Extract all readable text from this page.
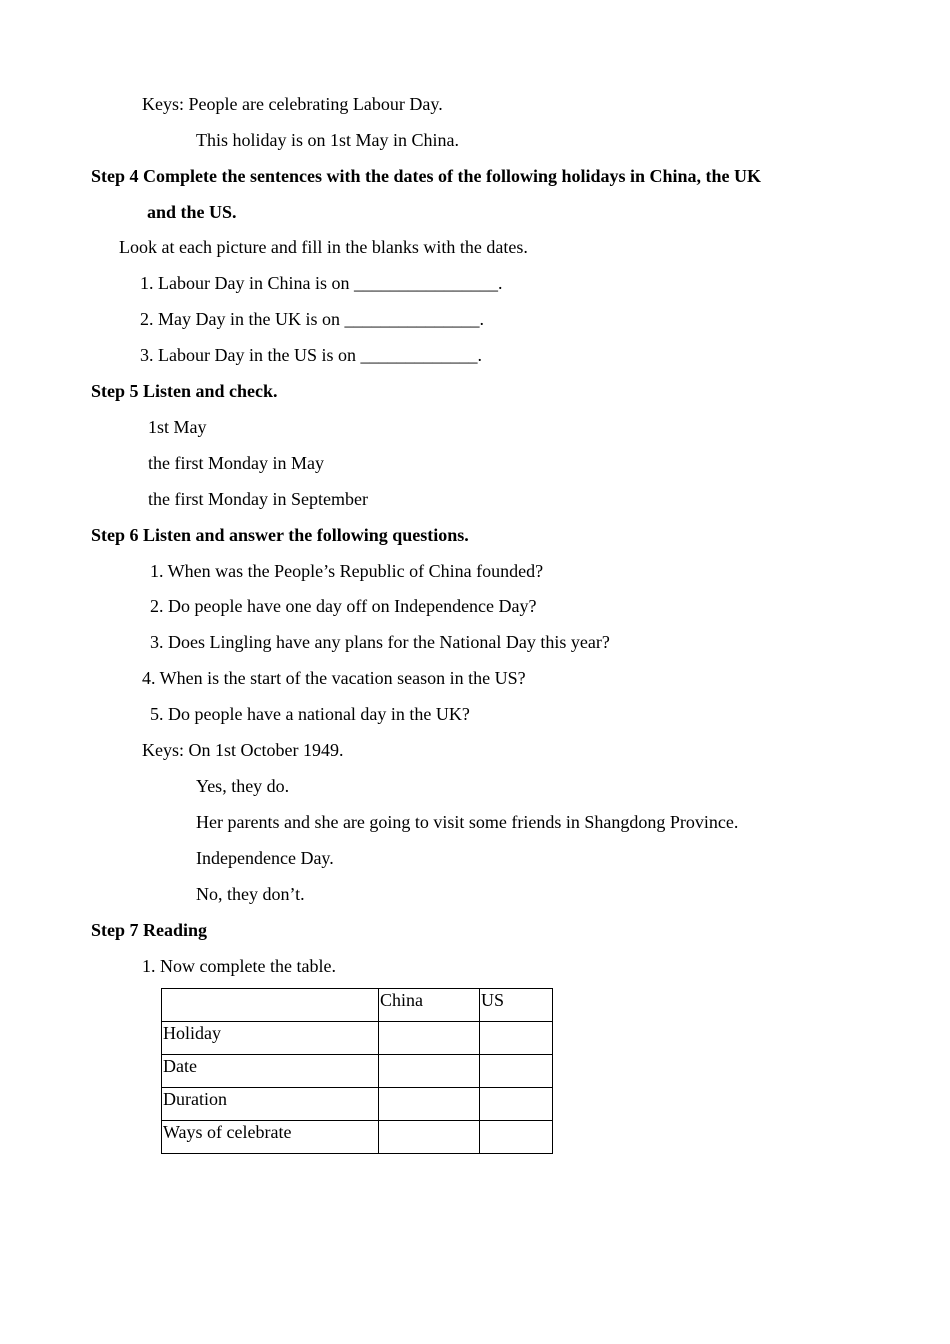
Keys: People are celebrating Labour Day.
This holiday is on 1st May in China.
Step 4 Complete the sentences with the dates of the following holidays in China, the UK
and the US.
Look at each picture and fill in the blanks with the dates.
1. Labour Day in China is on ________________.
2. May Day in the UK is on _______________.
3. Labour Day in the US is on _____________.
Step 5 Listen and check.
1st May
the first Monday in May
the first Monday in September
Step 6 Listen and answer the following questions.
1. When was the People’s Republic of China founded?
2. Do people have one day off on Independence Day?
3. Does Lingling have any plans for the National Day this year?
4. When is the start of the vacation season in the US?
5. Do people have a national day in the UK?
Keys: On 1st October 1949.
Yes, they do.
Her parents and she are going to visit some friends in Shangdong Province.
Independence Day.
No, they don’t.
Step 7 Reading
1. Now complete the table.
	China	US
Holiday		
Date		
Duration		
Ways of celebrate		
